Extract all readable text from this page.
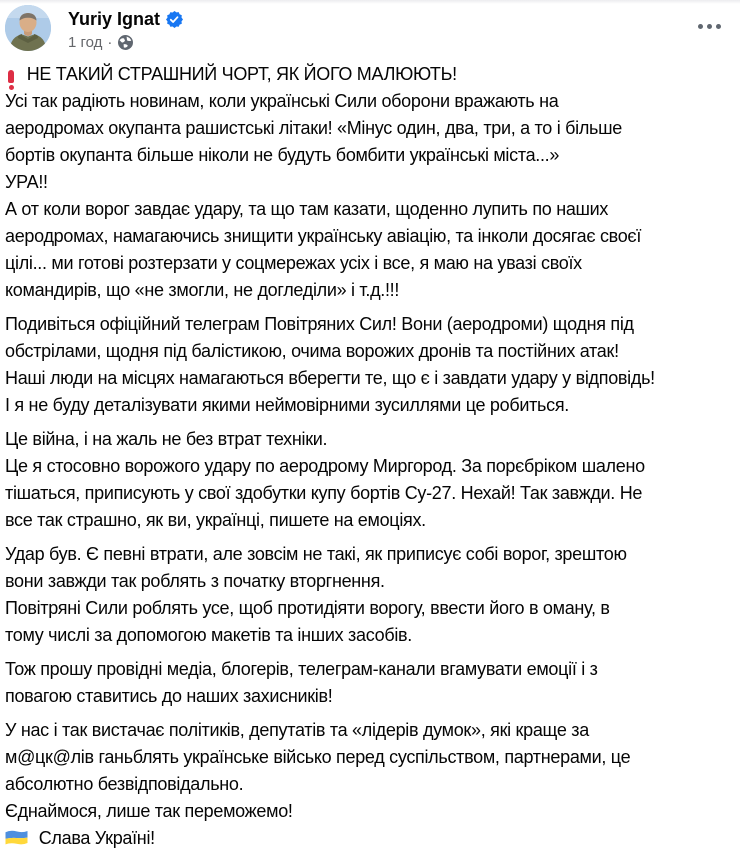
Yuriy Ignat
1 год ·
НЕ ТАКИЙ СТРАШНИЙ ЧОРТ, ЯК ЙОГО МАЛЮЮТЬ!
Усі так радіють новинам, коли українські Сили оборони вражають на
аеродромах окупанта рашистські літаки! «Мінус один, два, три, а то і більше
бортів окупанта більше ніколи не будуть бомбити українські міста...»
УРА!!
А от коли ворог завдає удару, та що там казати, щоденно лупить по наших
аеродромах, намагаючись знищити українську авіацію, та інколи досягає своєї
цілі... ми готові розтерзати у соцмережах усіх і все, я маю на увазі своїх
командирів, що «не змогли, не догледіли» і т.д.!!!
Подивіться офіційний телеграм Повітряних Сил! Вони (аеродроми) щодня під
обстрілами, щодня під балістикою, очима ворожих дронів та постійних атак!
Наші люди на місцях намагаються вберегти те, що є і завдати удару у відповідь!
І я не буду деталізувати якими неймовірними зусиллями це робиться.
Це війна, і на жаль не без втрат техніки.
Це я стосовно ворожого удару по аеродрому Миргород. За порєбріком шалено
тішаться, приписують у свої здобутки купу бортів Су-27. Нехай! Так завжди. Не
все так страшно, як ви, українці, пишете на емоціях.
Удар був. Є певні втрати, але зовсім не такі, як приписує собі ворог, зрештою
вони завжди так роблять з початку вторгнення.
Повітряні Сили роблять усе, щоб протидіяти ворогу, ввести його в оману, в
тому числі за допомогою макетів та інших засобів.
Тож прошу провідні медіа, блогерів, телеграм-канали вгамувати емоції і з
повагою ставитись до наших захисників!
У нас і так вистачає політиків, депутатів та «лідерів думок», які краще за
м@цк@лів ганьблять українське військо перед суспільством, партнерами, це
абсолютно безвідповідально.
Єднаймося, лише так переможемо!
Слава Україні!
